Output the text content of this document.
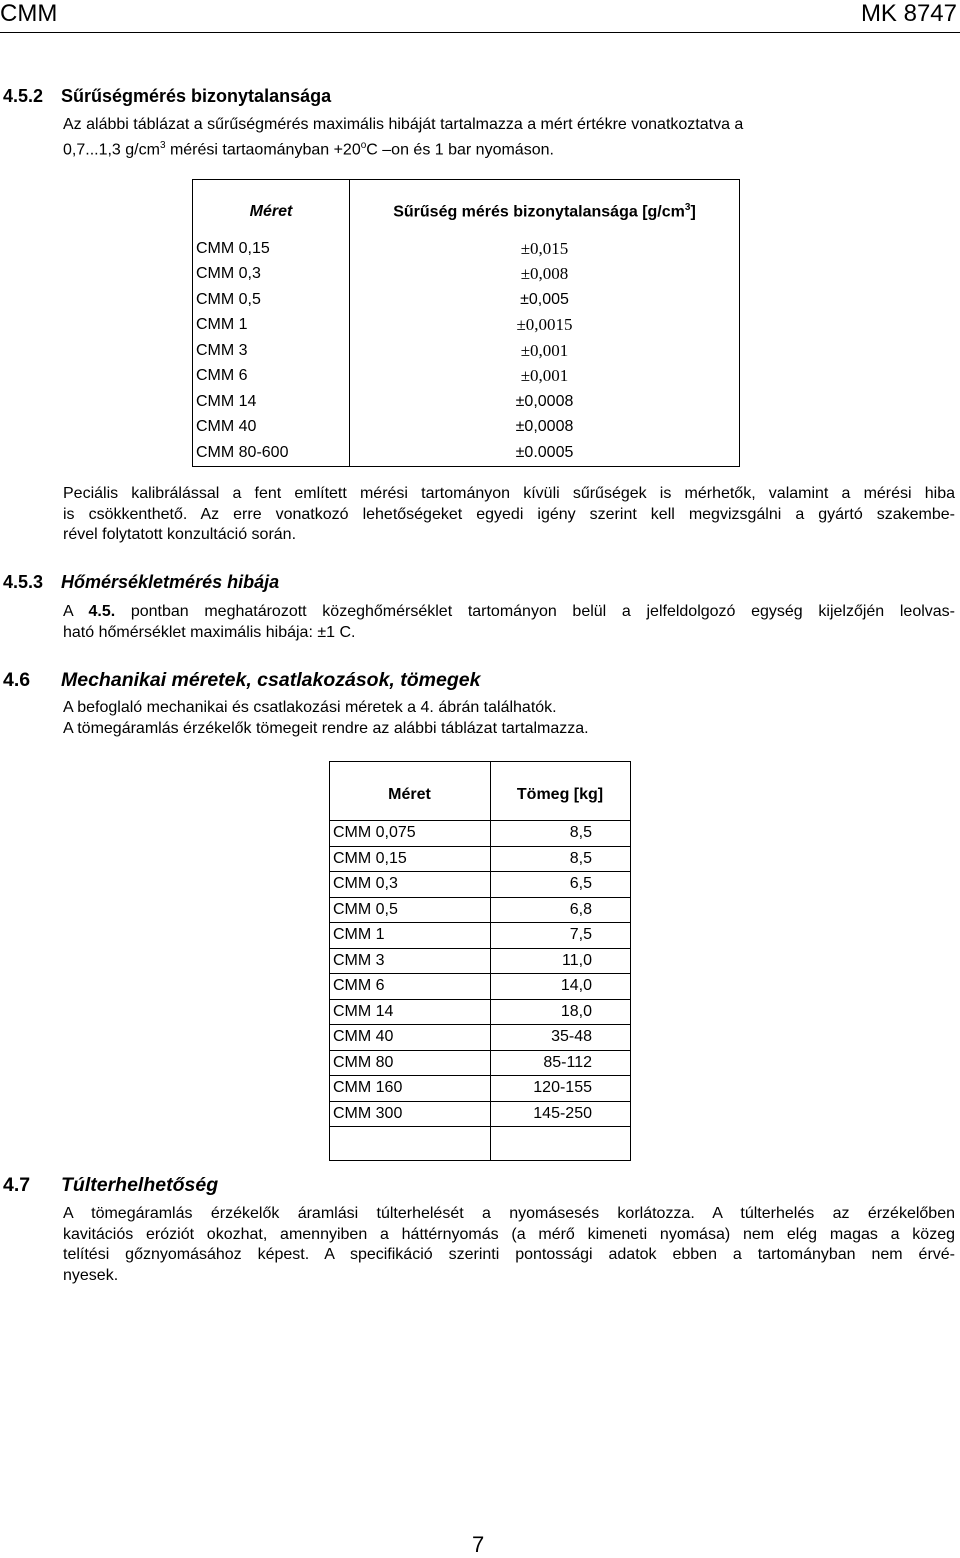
CMM	MK 8747
4.5.2 Sűrűségmérés bizonytalansága
Az alábbi táblázat a sűrűségmérés maximális hibáját tartalmazza a mért értékre vonatkoztatva a
0,7...1,3 $g/cm^3$ mérési tartaományban $+20^oC$ –on és 1 bar nyomáson.
Méret	Sűrűség mérés bizonytalansága $[g/cm^3]$
CMM 0,15	±0,015
CMM 0,3	±0,008
CMM 0,5	±0,005
CMM 1	±0,0015
CMM 3	±0,001
CMM 6	±0,001
CMM 14	±0,0008
CMM 40	±0,0008
CMM 80-600	±0.0005
Peciális kalibrálással a fent említett mérési tartományon kívüli sűrűségek is mérhetők, valamint a mérési hiba
is csökkenthető. Az erre vonatkozó lehetőségeket egyedi igény szerint kell megvizsgálni a gyártó szakembe-
rével folytatott konzultáció során.
4.5.3 Hőmérsékletmérés hibája
A 4.5. pontban meghatározott közeghőmérséklet tartományon belül a jelfeldolgozó egység kijelzőjén leolvas-
ható hőmérséklet maximális hibája: ±1 C.
4.6 Mechanikai méretek, csatlakozások, tömegek
A befoglaló mechanikai és csatlakozási méretek a 4. ábrán találhatók.
A tömegáramlás érzékelők tömegeit rendre az alábbi táblázat tartalmazza.
Méret	Tömeg [kg]
CMM 0,075	8,5
CMM 0,15	8,5
CMM 0,3	6,5
CMM 0,5	6,8
CMM 1	7,5
CMM 3	11,0
CMM 6	14,0
CMM 14	18,0
CMM 40	35-48
CMM 80	85-112
CMM 160	120-155
CMM 300	145-250

4.7 Túlterhelhetőség
A tömegáramlás érzékelők áramlási túlterhelését a nyomásesés korlátozza. A túlterhelés az érzékelőben
kavitációs eróziót okozhat, amennyiben a háttérnyomás (a mérő kimeneti nyomása) nem elég magas a közeg
telítési gőznyomásához képest. A specifikáció szerinti pontossági adatok ebben a tartományban nem érvé-
nyesek.
7
